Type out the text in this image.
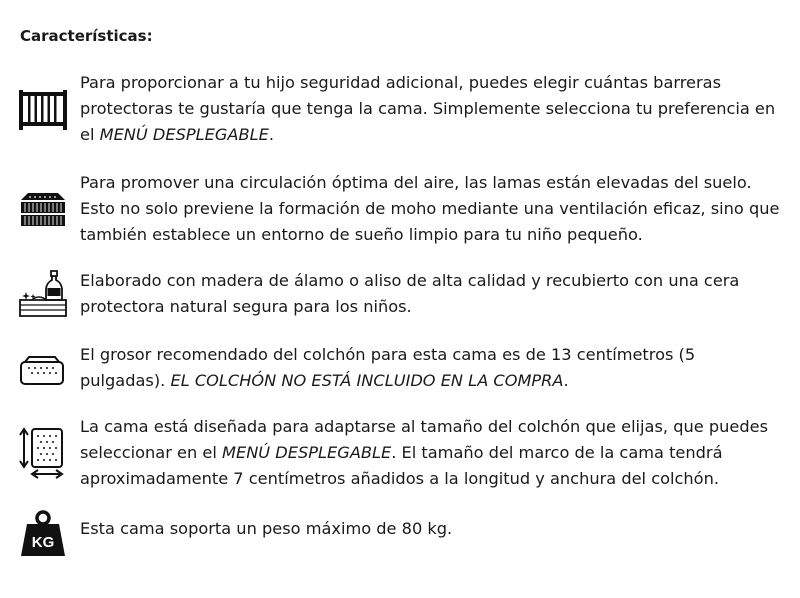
Características:
Para proporcionar a tu hijo seguridad adicional, puedes elegir cuántas barreras protectoras te gustaría que tenga la cama. Simplemente selecciona tu preferencia en el MENÚ DESPLEGABLE.
Para promover una circulación óptima del aire, las lamas están elevadas del suelo. Esto no solo previene la formación de moho mediante una ventilación eficaz, sino que también establece un entorno de sueño limpio para tu niño pequeño.
Elaborado con madera de álamo o aliso de alta calidad y recubierto con una cera protectora natural segura para los niños.
El grosor recomendado del colchón para esta cama es de 13 centímetros (5 pulgadas). EL COLCHÓN NO ESTÁ INCLUIDO EN LA COMPRA.
La cama está diseñada para adaptarse al tamaño del colchón que elijas, que puedes seleccionar en el MENÚ DESPLEGABLE. El tamaño del marco de la cama tendrá aproximadamente 7 centímetros añadidos a la longitud y anchura del colchón.
KG
Esta cama soporta un peso máximo de 80 kg.
